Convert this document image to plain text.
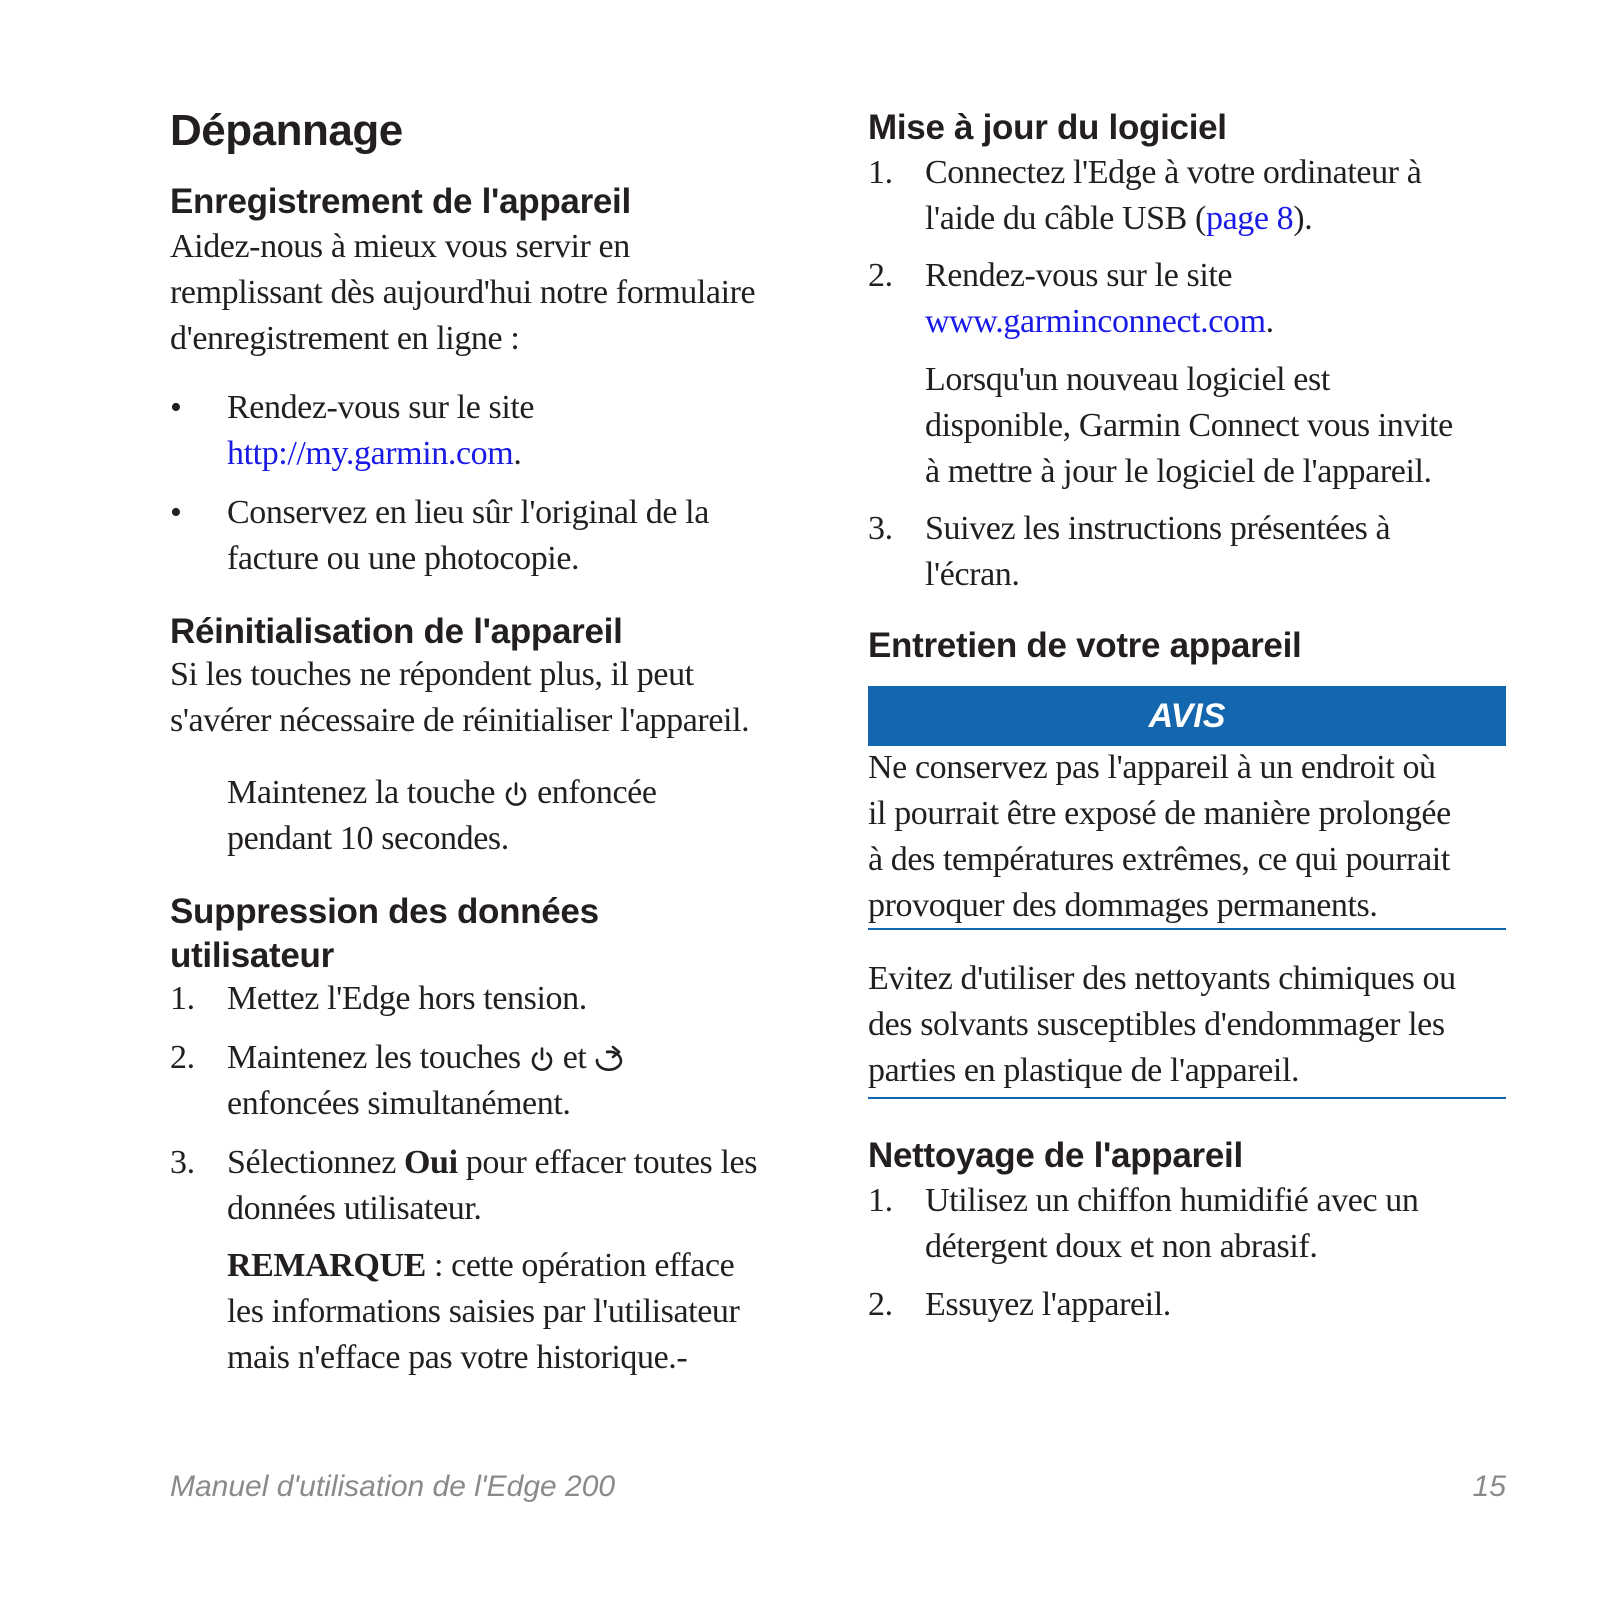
Dépannage
Enregistrement de l'appareil
Aidez-nous à mieux vous servir en
remplissant dès aujourd'hui notre formulaire
d'enregistrement en ligne :
• Rendez-vous sur le site
http://my.garmin.com.
• Conservez en lieu sûr l'original de la
facture ou une photocopie.
Réinitialisation de l'appareil
Si les touches ne répondent plus, il peut
s'avérer nécessaire de réinitialiser l'appareil.
Maintenez la touche enfoncée
pendant 10 secondes.
Suppression des données
utilisateur
1. Mettez l'Edge hors tension.
2. Maintenez les touches et
enfoncées simultanément.
3. Sélectionnez Oui pour effacer toutes les
données utilisateur.
REMARQUE : cette opération efface
les informations saisies par l'utilisateur
mais n'efface pas votre historique.-
Mise à jour du logiciel
1. Connectez l'Edge à votre ordinateur à
l'aide du câble USB (page 8).
2. Rendez-vous sur le site
www.garminconnect.com.
Lorsqu'un nouveau logiciel est
disponible, Garmin Connect vous invite
à mettre à jour le logiciel de l'appareil.
3. Suivez les instructions présentées à
l'écran.
Entretien de votre appareil
AVIS
Ne conservez pas l'appareil à un endroit où
il pourrait être exposé de manière prolongée
à des températures extrêmes, ce qui pourrait
provoquer des dommages permanents.
Evitez d'utiliser des nettoyants chimiques ou
des solvants susceptibles d'endommager les
parties en plastique de l'appareil.
Nettoyage de l'appareil
1. Utilisez un chiffon humidifié avec un
détergent doux et non abrasif.
2. Essuyez l'appareil.
Manuel d'utilisation de l'Edge 200	15
